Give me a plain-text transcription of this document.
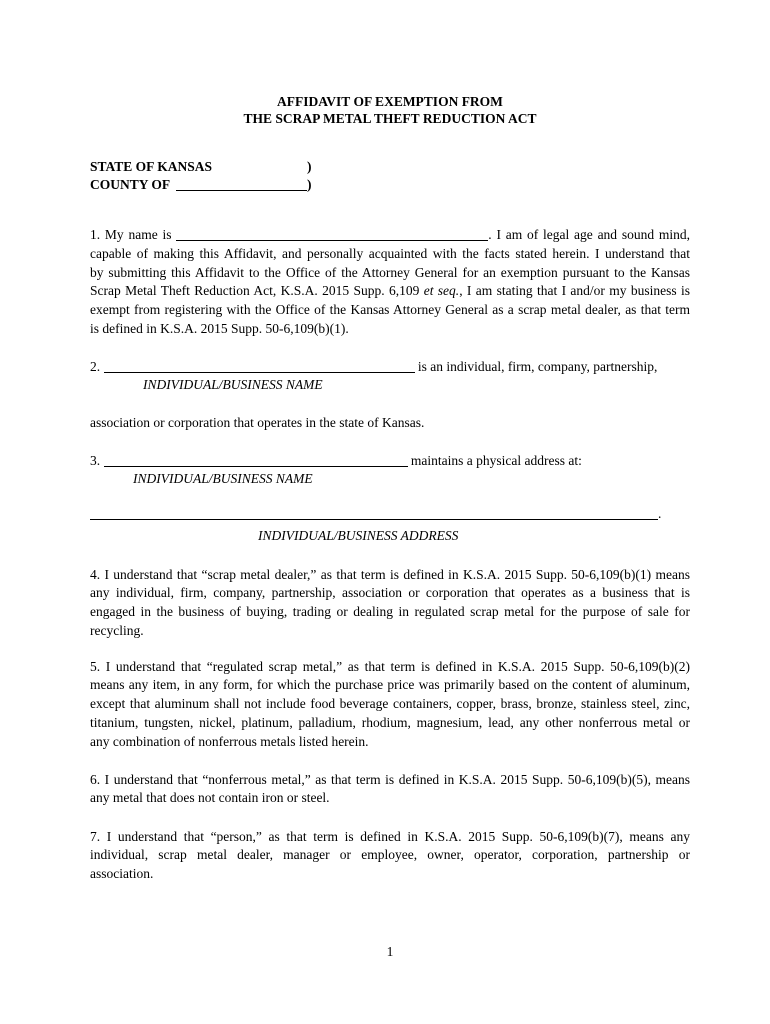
AFFIDAVIT OF EXEMPTION FROM
THE SCRAP METAL THEFT REDUCTION ACT
STATE OF KANSAS	)
COUNTY OF	)
1. My name is	. I am of legal age and sound mind,
capable of making this Affidavit, and personally acquainted with the facts stated herein. I understand that
by submitting this Affidavit to the Office of the Attorney General for an exemption pursuant to the Kansas
Scrap Metal Theft Reduction Act, K.S.A. 2015 Supp. 6,109 et seq., I am stating that I and/or my business is
exempt from registering with the Office of the Kansas Attorney General as a scrap metal dealer, as that term
is defined in K.S.A. 2015 Supp. 50-6,109(b)(1).
2.	is an individual, firm, company, partnership,
INDIVIDUAL/BUSINESS NAME
association or corporation that operates in the state of Kansas.
3.	maintains a physical address at:
INDIVIDUAL/BUSINESS NAME
.
INDIVIDUAL/BUSINESS ADDRESS
4. I understand that “scrap metal dealer,” as that term is defined in K.S.A. 2015 Supp. 50-6,109(b)(1) means
any individual, firm, company, partnership, association or corporation that operates as a business that is
engaged in the business of buying, trading or dealing in regulated scrap metal for the purpose of sale for
recycling.
5. I understand that “regulated scrap metal,” as that term is defined in K.S.A. 2015 Supp. 50-6,109(b)(2)
means any item, in any form, for which the purchase price was primarily based on the content of aluminum,
except that aluminum shall not include food beverage containers, copper, brass, bronze, stainless steel, zinc,
titanium, tungsten, nickel, platinum, palladium, rhodium, magnesium, lead, any other nonferrous metal or
any combination of nonferrous metals listed herein.
6. I understand that “nonferrous metal,” as that term is defined in K.S.A. 2015 Supp. 50-6,109(b)(5), means
any metal that does not contain iron or steel.
7. I understand that “person,” as that term is defined in K.S.A. 2015 Supp. 50-6,109(b)(7), means any
individual, scrap metal dealer, manager or employee, owner, operator, corporation, partnership or
association.
1
